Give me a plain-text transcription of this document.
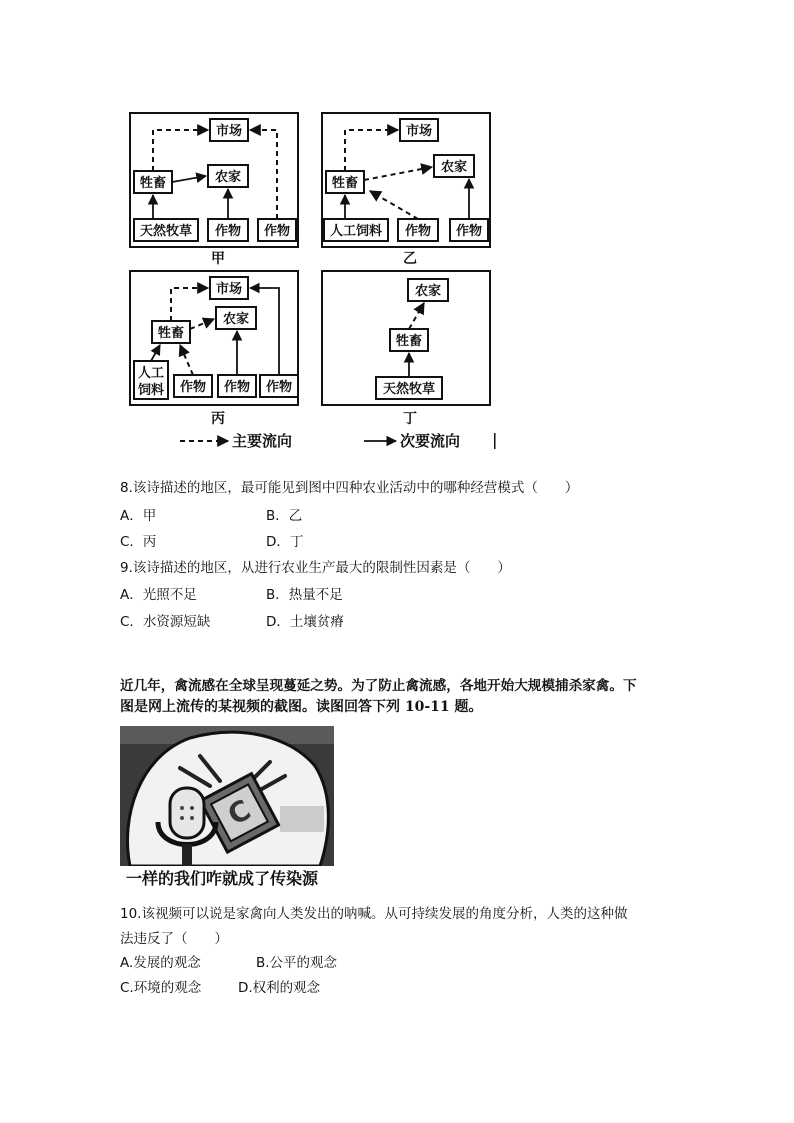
市场
牲畜	农家
天然牧草 作物 作物
甲
市场
牲畜
农家
人工饲料 作物 作物
乙
市场
牲畜
农家
人工
饲料 作物 作物 作物
丙
农家
牲畜
天然牧草
丁
主要流向	次要流向
8.该诗描述的地区，最可能见到图中四种农业活动中的哪种经营模式（　　）
A．甲	B．乙
C．丙	D．丁
9.该诗描述的地区，从进行农业生产最大的限制性因素是（　　）
A．光照不足	B．热量不足
C．水资源短缺	D．土壤贫瘠
近几年，禽流感在全球呈现蔓延之势。为了防止禽流感，各地开始大规模捕杀家禽。下
图是网上流传的某视频的截图。读图回答下列 10-11 题。
C
一样的我们咋就成了传染源
10.该视频可以说是家禽向人类发出的呐喊。从可持续发展的角度分析，人类的这种做
法违反了（　　）
A.发展的观念	B.公平的观念
C.环境的观念	D.权利的观念
